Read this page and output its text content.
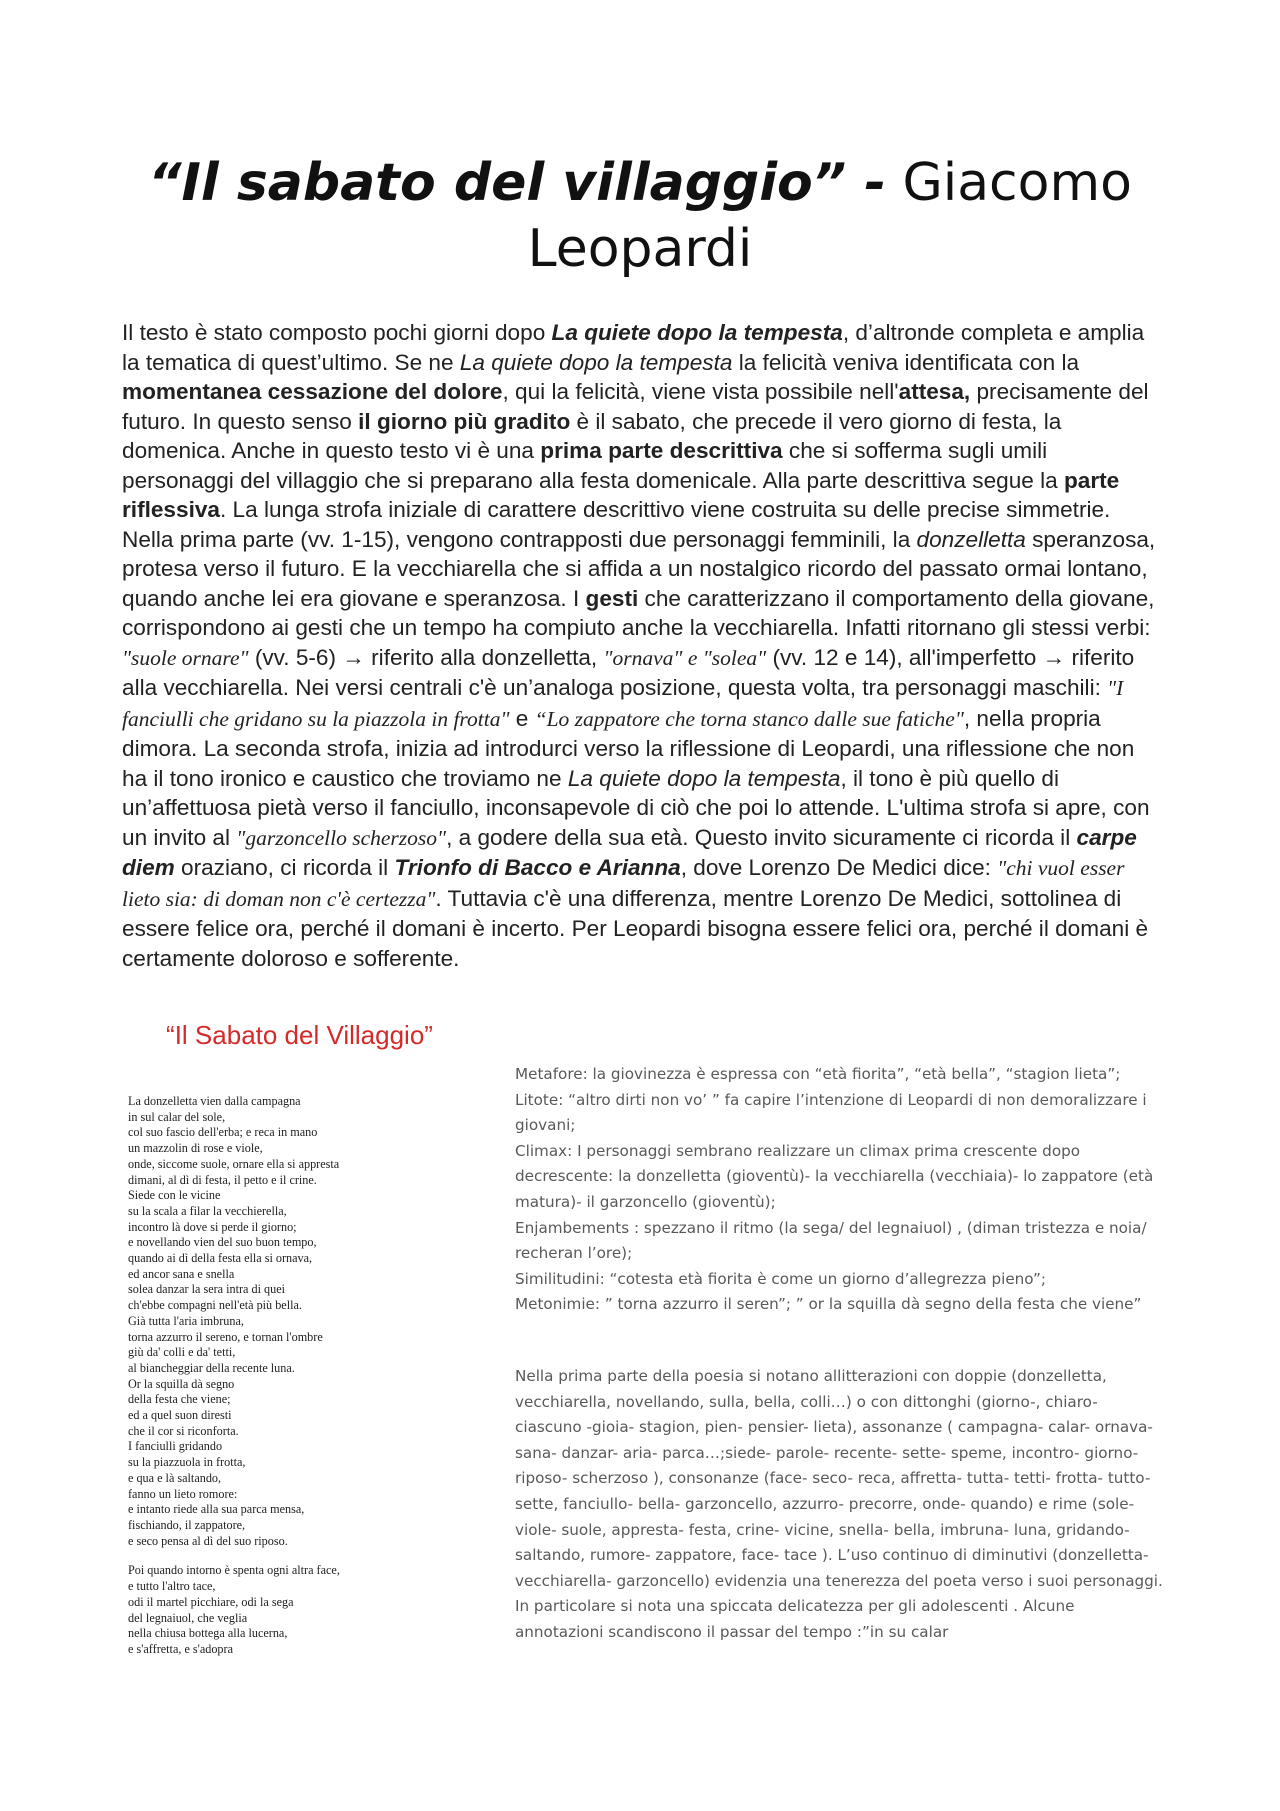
“Il sabato del villaggio” - Giacomo Leopardi

Il testo è stato composto pochi giorni dopo La quiete dopo la tempesta, d’altronde completa e amplia la tematica di quest’ultimo. Se ne La quiete dopo la tempesta la felicità veniva identificata con la momentanea cessazione del dolore, qui la felicità, viene vista possibile nell'attesa, precisamente del futuro. In questo senso il giorno più gradito è il sabato, che precede il vero giorno di festa, la domenica. Anche in questo testo vi è una prima parte descrittiva che si sofferma sugli umili personaggi del villaggio che si preparano alla festa domenicale. Alla parte descrittiva segue la parte riflessiva. La lunga strofa iniziale di carattere descrittivo viene costruita su delle precise simmetrie. Nella prima parte (vv. 1-15), vengono contrapposti due personaggi femminili, la donzelletta speranzosa, protesa verso il futuro. E la vecchiarella che si affida a un nostalgico ricordo del passato ormai lontano, quando anche lei era giovane e speranzosa. I gesti che caratterizzano il comportamento della giovane, corrispondono ai gesti che un tempo ha compiuto anche la vecchiarella. Infatti ritornano gli stessi verbi: "suole ornare" (vv. 5-6) → riferito alla donzelletta, "ornava" e "solea" (vv. 12 e 14), all'imperfetto → riferito alla vecchiarella. Nei versi centrali c'è un’analoga posizione, questa volta, tra personaggi maschili: "I fanciulli che gridano su la piazzola in frotta" e “Lo zappatore che torna stanco dalle sue fatiche", nella propria dimora. La seconda strofa, inizia ad introdurci verso la riflessione di Leopardi, una riflessione che non ha il tono ironico e caustico che troviamo ne La quiete dopo la tempesta, il tono è più quello di un’affettuosa pietà verso il fanciullo, inconsapevole di ciò che poi lo attende. L'ultima strofa si apre, con un invito al "garzoncello scherzoso", a godere della sua età. Questo invito sicuramente ci ricorda il carpe diem oraziano, ci ricorda il Trionfo di Bacco e Arianna, dove Lorenzo De Medici dice: "chi vuol esser lieto sia: di doman non c'è certezza". Tuttavia c'è una differenza, mentre Lorenzo De Medici, sottolinea di essere felice ora, perché il domani è incerto. Per Leopardi bisogna essere felici ora, perché il domani è certamente doloroso e sofferente.

“Il Sabato del Villaggio”
La donzelletta vien dalla campagna
in sul calar del sole,
col suo fascio dell'erba; e reca in mano
un mazzolin di rose e viole,
onde, siccome suole, ornare ella si appresta
dimani, al dì di festa, il petto e il crine.
Siede con le vicine
su la scala a filar la vecchierella,
incontro là dove si perde il giorno;
e novellando vien del suo buon tempo,
quando ai dì della festa ella si ornava,
ed ancor sana e snella
solea danzar la sera intra di quei
ch'ebbe compagni nell'età più bella.
Già tutta l'aria imbruna,
torna azzurro il sereno, e tornan l'ombre
giù da' colli e da' tetti,
al biancheggiar della recente luna.
Or la squilla dà segno
della festa che viene;
ed a quel suon diresti
che il cor si riconforta.
I fanciulli gridando
su la piazzuola in frotta,
e qua e là saltando,
fanno un lieto romore:
e intanto riede alla sua parca mensa,
fischiando, il zappatore,
e seco pensa al dì del suo riposo.
Poi quando intorno è spenta ogni altra face,
e tutto l'altro tace,
odi il martel picchiare, odi la sega
del legnaiuol, che veglia
nella chiusa bottega alla lucerna,
e s'affretta, e s'adopra

Metafore: la giovinezza è espressa con “età fiorita”, “età bella”, “stagion lieta”;

Litote: “altro dirti non vo’ ” fa capire l’intenzione di Leopardi di non demoralizzare i giovani;

Climax: I personaggi sembrano realizzare un climax prima crescente dopo decrescente: la donzelletta (gioventù)- la vecchiarella (vecchiaia)- lo zappatore (età matura)- il garzoncello (gioventù);

Enjambements : spezzano il ritmo (la sega/ del legnaiuol) , (diman tristezza e noia/ recheran l’ore);

Similitudini: “cotesta età fiorita è come un giorno d’allegrezza pieno”;

Metonimie: ” torna azzurro il seren”; ” or la squilla dà segno della festa che viene”

Nella prima parte della poesia si notano allitterazioni con doppie (donzelletta, vecchiarella, novellando, sulla, bella, colli…) o con dittonghi (giorno-, chiaro- ciascuno -gioia- stagion, pien- pensier- lieta), assonanze ( campagna- calar- ornava- sana- danzar- aria- parca…;siede- parole- recente- sette- speme, incontro- giorno- riposo- scherzoso ), consonanze (face- seco- reca, affretta- tutta- tetti- frotta- tutto- sette, fanciullo- bella- garzoncello, azzurro- precorre, onde- quando) e rime (sole- viole- suole, appresta- festa, crine- vicine, snella- bella, imbruna- luna, gridando- saltando, rumore- zappatore, face- tace ). L’uso continuo di diminutivi (donzelletta- vecchiarella- garzoncello) evidenzia una tenerezza del poeta verso i suoi personaggi. In particolare si nota una spiccata delicatezza per gli adolescenti . Alcune annotazioni scandiscono il passar del tempo :”in su calar
